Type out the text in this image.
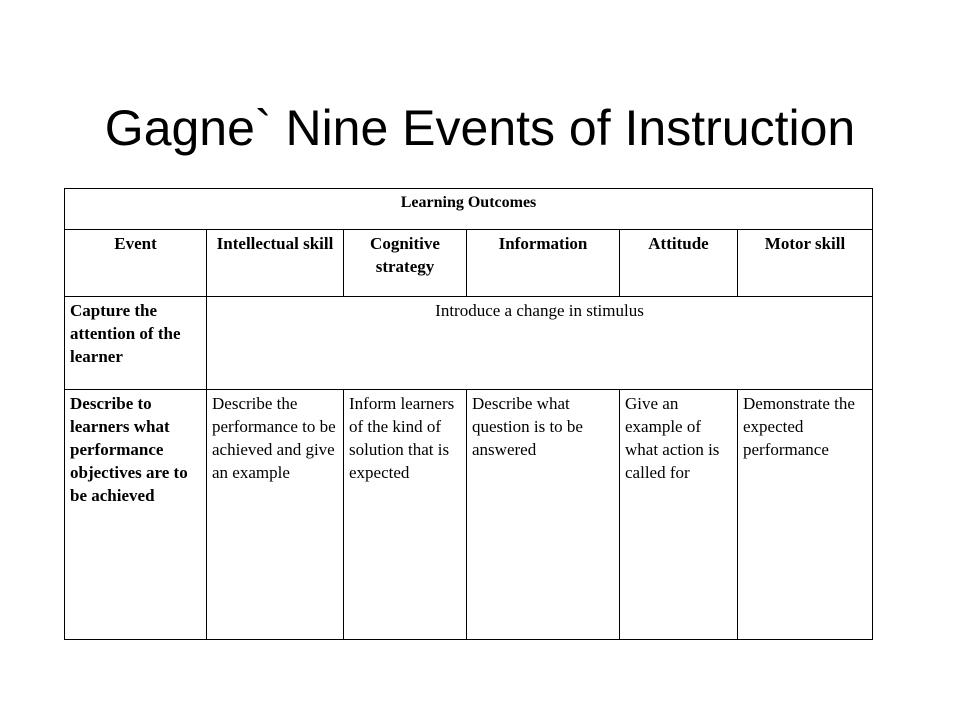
Gagne` Nine Events of Instruction
Learning Outcomes					
Event	Intellectual skill	Cognitive strategy	Information	Attitude	Motor skill
Capture the attention of the learner	Introduce a change in stimulus				
Describe to learners what performance objectives are to be achieved	Describe the performance to be achieved and give an example	Inform learners of the kind of solution that is expected	Describe what question is to be answered	Give an example of what action is called for	Demonstrate the expected performance
